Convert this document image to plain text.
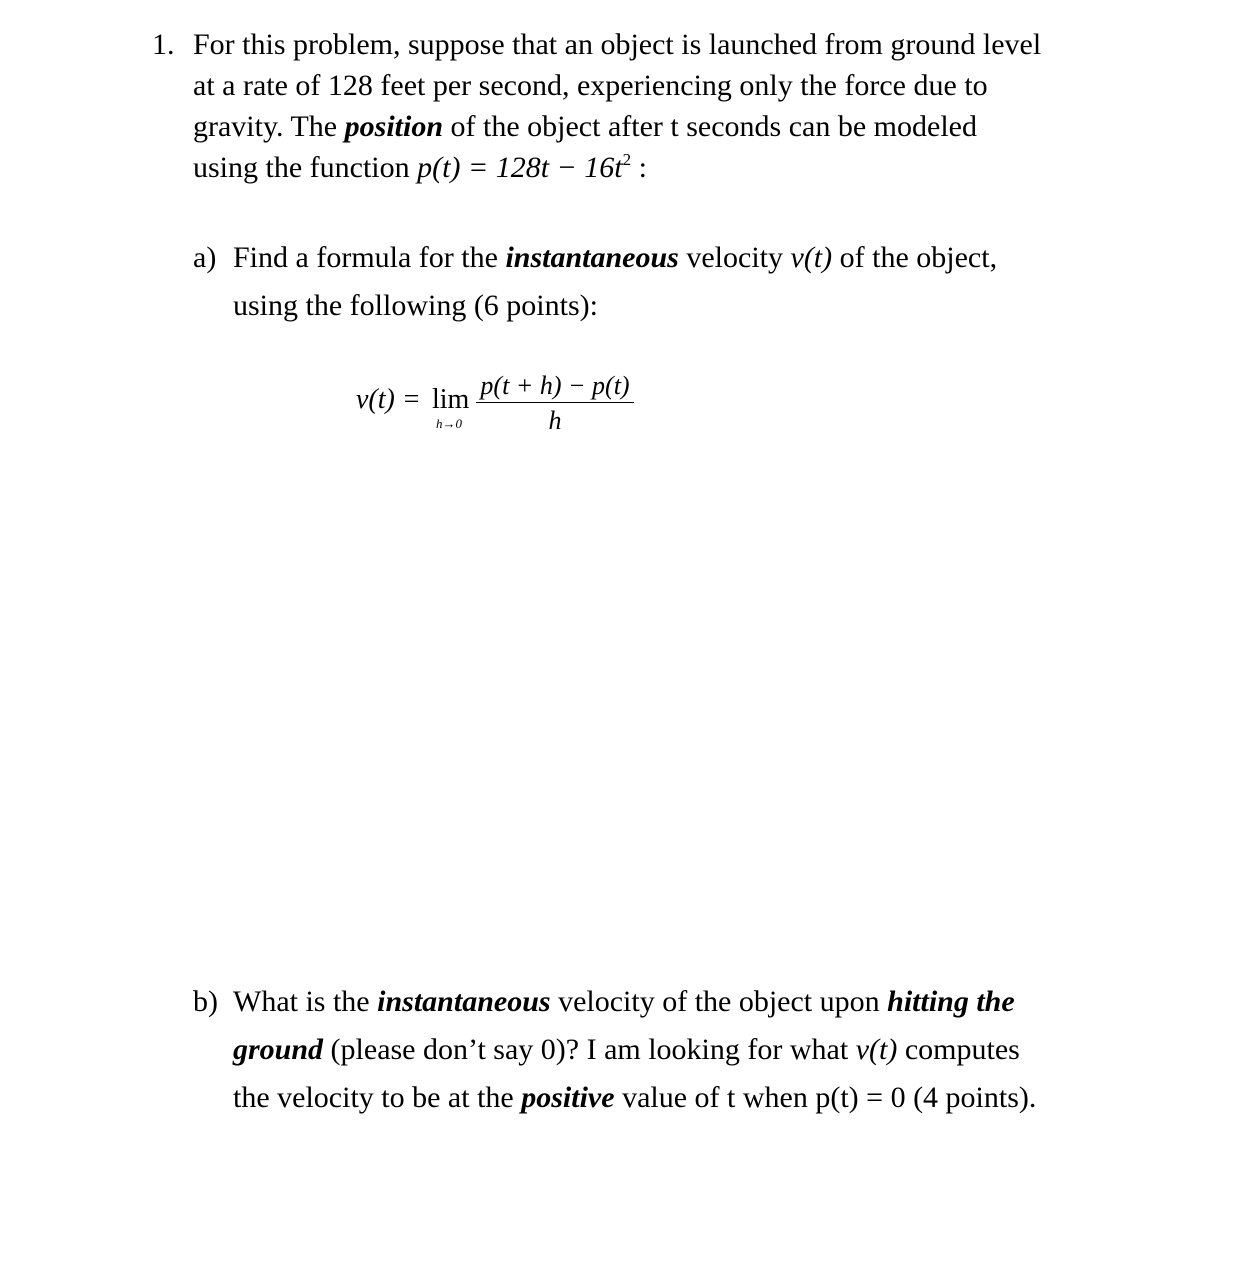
1. For this problem, suppose that an object is launched from ground level
at a rate of 128 feet per second, experiencing only the force due to
gravity. The position of the object after t seconds can be modeled
using the function $p(t) = 128t - 16t^2$ :
a) Find a formula for the instantaneous velocity v(t) of the object,
using the following (6 points):
v(t) = lim
$h\to 0 \frac{p(t + h) - p(t)}{h}$
b) What is the instantaneous velocity of the object upon hitting the
ground (please don’t say 0)? I am looking for what v(t) computes
the velocity to be at the positive value of t when p(t) = 0 (4 points).
